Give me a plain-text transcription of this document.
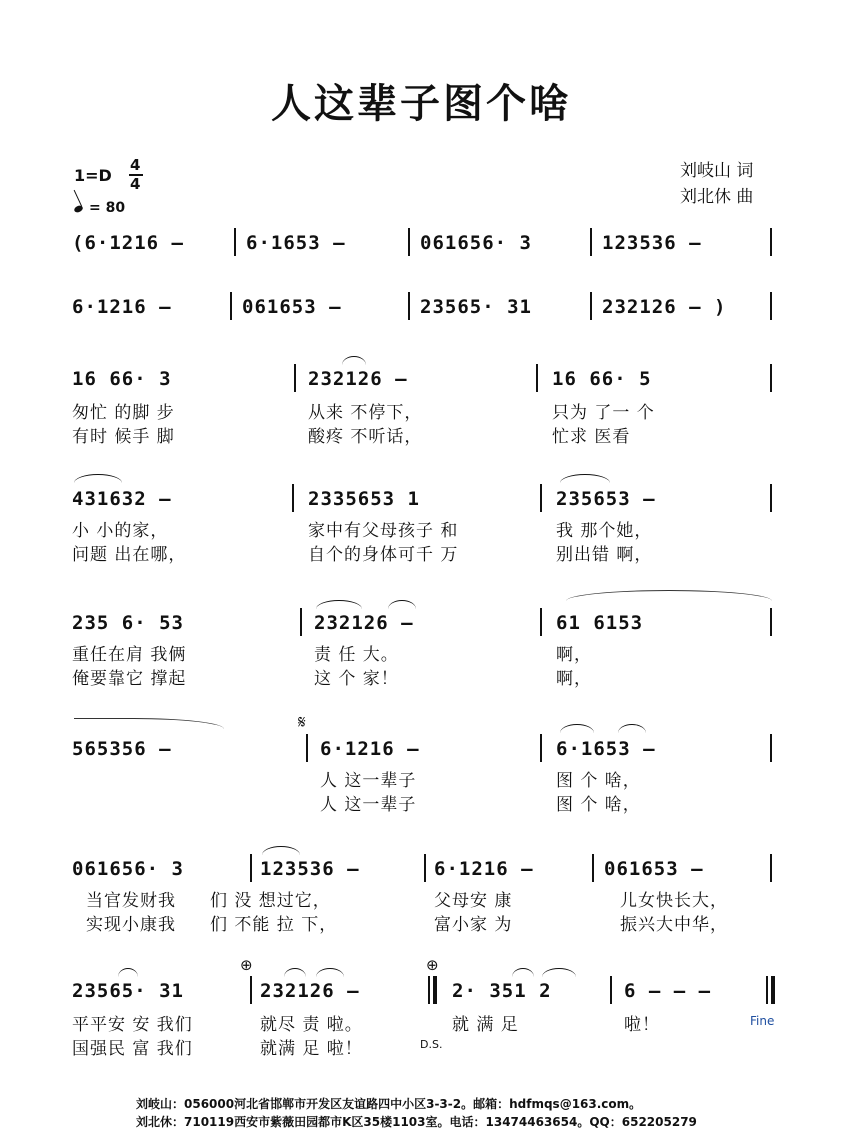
人这辈子图个啥
1=D
4
4
= 80
刘岐山 词
刘北休 曲
(6·1216 –	6·1653 –	061656· 3	123536 –
6·1216 –	061653 –	23565· 31	232126 – )
16 66· 3	232126 –	16 66· 5
匆忙 的脚 步	从来 不停下，	只为 了一 个
有时 候手 脚	酸疼 不听话，	忙求 医看
431632 –	2335653 1	235653 –
小 小的家，	家中有父母孩子 和	我 那个她，
问题 出在哪，	自个的身体可千 万	别出错 啊，
235 6· 53	232126 –	61 6153
重任在肩 我俩	责 任 大。	啊，
俺要靠它 撑起	这 个 家！	啊，
𝄋
565356 –	6·1216 –	6·1653 –
人 这一辈子	图 个 啥，
人 这一辈子	图 个 啥，
061656· 3	123536 –	6·1216 –	061653 –
当官发财我 们 没 想过它，	父母安 康	儿女快长大，
实现小康我 们 不能 拉 下，	富小家 为	振兴大中华，
⊕	⊕
23565· 31	232126 –	2· 351 2	6 – – –
平平安 安 我们	就尽 责 啦。	就 满 足	啦！
国强民 富 我们	就满 足 啦！	D.S.
Fine
刘岐山：056000河北省邯郸市开发区友谊路四中小区3-3-2。邮箱：hdfmqs@163.com。
刘北休：710119西安市紫薇田园都市K区35楼1103室。电话：13474463654。QQ：652205279
